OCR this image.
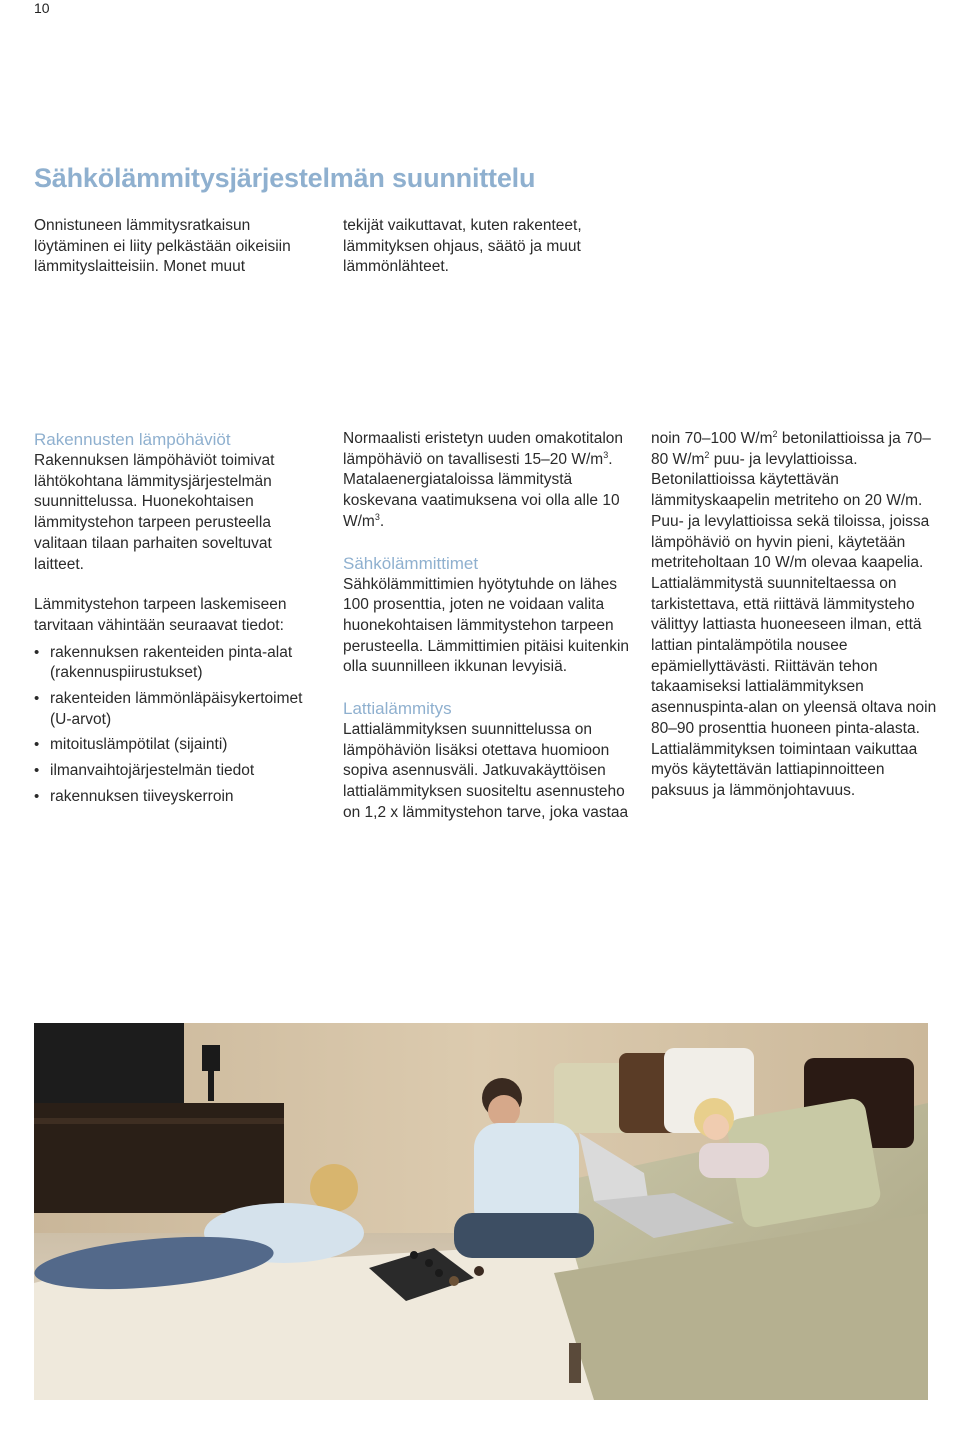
10
Sähkölämmitysjärjestelmän suunnittelu

Onnistuneen lämmitysratkaisun löytäminen ei liity pelkästään oikeisiin lämmityslaitteisiin. Monet muut

tekijät vaikuttavat, kuten rakenteet, lämmityksen ohjaus, säätö ja muut lämmönlähteet.

Rakennusten lämpöhäviöt

Rakennuksen lämpöhäviöt toimivat lähtökohtana lämmitysjärjestelmän suunnittelussa. Huonekohtaisen lämmitystehon tarpeen perusteella valitaan tilaan parhaiten soveltuvat laitteet.

Lämmitystehon tarpeen laskemiseen tarvitaan vähintään seuraavat tiedot:

• rakennuksen rakenteiden pinta-alat (rakennuspiirustukset)
• rakenteiden lämmönläpäisykertoimet (U-arvot)
• mitoituslämpötilat (sijainti)
• ilmanvaihtojärjestelmän tiedot
• rakennuksen tiiveyskerroin

Normaalisti eristetyn uuden omakotitalon lämpöhäviö on tavallisesti 15–20 $W/m^3$. Matalaenergiataloissa lämmitystä koskevana vaatimuksena voi olla alle 10 $W/m^3$.

Sähkölämmittimet

Sähkölämmittimien hyötytuhde on lähes 100 prosenttia, joten ne voidaan valita huonekohtaisen lämmitystehon tarpeen perusteella. Lämmittimien pitäisi kuitenkin olla suunnilleen ikkunan levyisiä.

Lattialämmitys

Lattialämmityksen suunnittelussa on lämpöhäviön lisäksi otettava huomioon sopiva asennusväli. Jatkuvakäyttöisen lattialämmityksen suositeltu asennusteho on 1,2 x lämmitystehon tarve, joka vastaa

noin 70–100 $W/m^2$ betonilattioissa ja 70–80 $W/m^2$ puu- ja levylattioissa. Betonilattioissa käytettävän lämmityskaapelin metriteho on 20 W/m. Puu- ja levylattioissa sekä tiloissa, joissa lämpöhäviö on hyvin pieni, käytetään metriteholtaan 10 W/m olevaa kaapelia. Lattialämmitystä suunniteltaessa on tarkistettava, että riittävä lämmitysteho välittyy lattiasta huoneeseen ilman, että lattian pintalämpötila nousee epämiellyttävästi. Riittävän tehon takaamiseksi lattialämmityksen asennuspinta-alan on yleensä oltava noin 80–90 prosenttia huoneen pinta-alasta. Lattialämmityksen toimintaan vaikuttaa myös käytettävän lattiapinnoitteen paksuus ja lämmönjohtavuus.
